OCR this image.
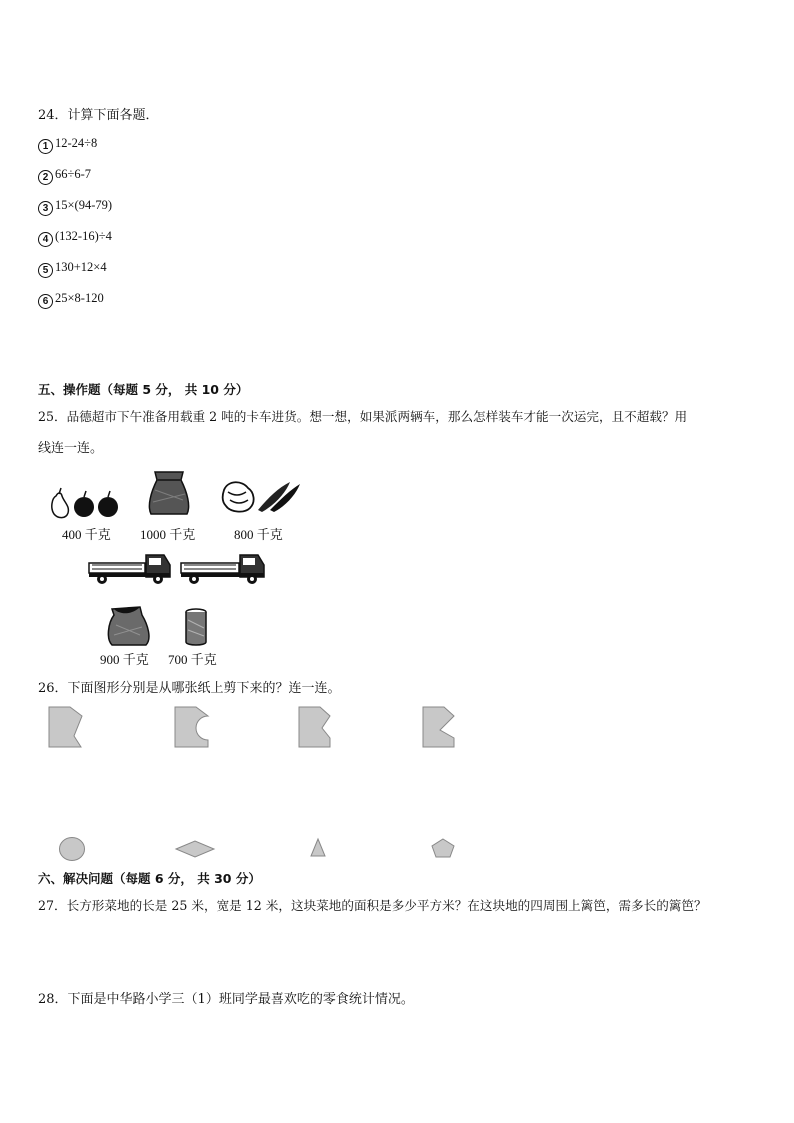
24．计算下面各题．
1 12-24÷8
2 66÷6-7
3 15×(94-79)
4 (132-16)÷4
5 130+12×4
6 25×8-120
五、操作题（每题 5 分， 共 10 分）
25．品德超市下午准备用载重 2 吨的卡车进货。想一想，如果派两辆车，那么怎样装车才能一次运完，且不超载？用
线连一连。
400 千克 1000 千克	800 千克
900 千克 700 千克
26．下面图形分别是从哪张纸上剪下来的？连一连。
六、解决问题（每题 6 分， 共 30 分）
27．长方形菜地的长是 25 米，宽是 12 米，这块菜地的面积是多少平方米？在这块地的四周围上篱笆，需多长的篱笆？
28．下面是中华路小学三（1）班同学最喜欢吃的零食统计情况。
